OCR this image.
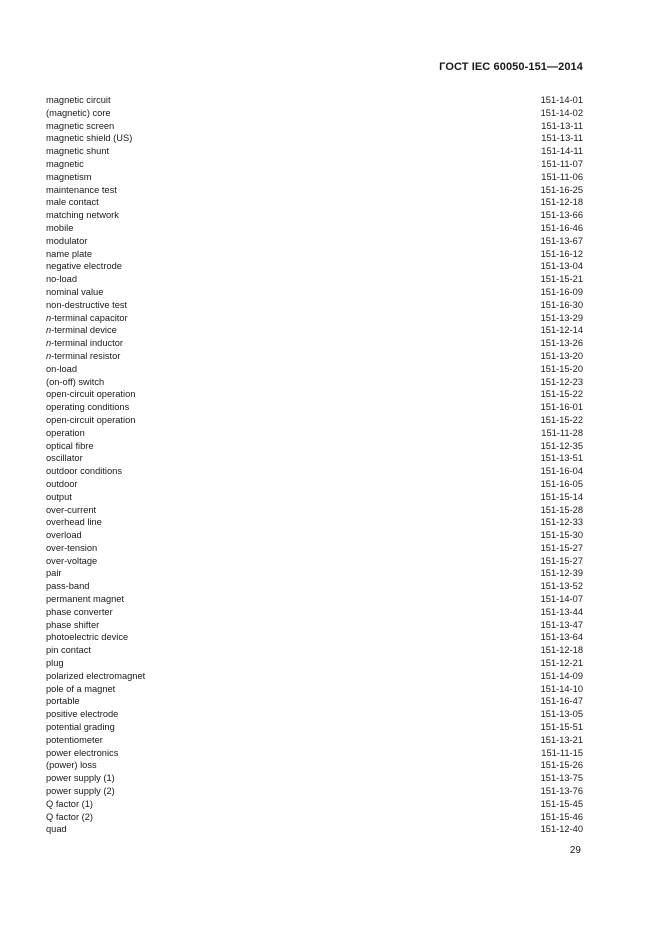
ГОСТ IEC 60050-151—2014
magnetic circuit	151-14-01
(magnetic) core	151-14-02
magnetic screen	151-13-11
magnetic shield (US)	151-13-11
magnetic shunt	151-14-11
magnetic	151-11-07
magnetism	151-11-06
maintenance test	151-16-25
male contact	151-12-18
matching network	151-13-66
mobile	151-16-46
modulator	151-13-67
name plate	151-16-12
negative electrode	151-13-04
no-load	151-15-21
nominal value	151-16-09
non-destructive test	151-16-30
n-terminal capacitor	151-13-29
n-terminal device	151-12-14
n-terminal inductor	151-13-26
n-terminal resistor	151-13-20
on-load	151-15-20
(on-off) switch	151-12-23
open-circuit operation	151-15-22
operating conditions	151-16-01
open-circuit operation	151-15-22
operation	151-11-28
optical fibre	151-12-35
oscillator	151-13-51
outdoor conditions	151-16-04
outdoor	151-16-05
output	151-15-14
over-current	151-15-28
overhead line	151-12-33
overload	151-15-30
over-tension	151-15-27
over-voltage	151-15-27
pair	151-12-39
pass-band	151-13-52
permanent magnet	151-14-07
phase converter	151-13-44
phase shifter	151-13-47
photoelectric device	151-13-64
pin contact	151-12-18
plug	151-12-21
polarized electromagnet	151-14-09
pole of a magnet	151-14-10
portable	151-16-47
positive electrode	151-13-05
potential grading	151-15-51
potentiometer	151-13-21
power electronics	151-11-15
(power) loss	151-15-26
power supply (1)	151-13-75
power supply (2)	151-13-76
Q factor (1)	151-15-45
Q factor (2)	151-15-46
quad	151-12-40
29
